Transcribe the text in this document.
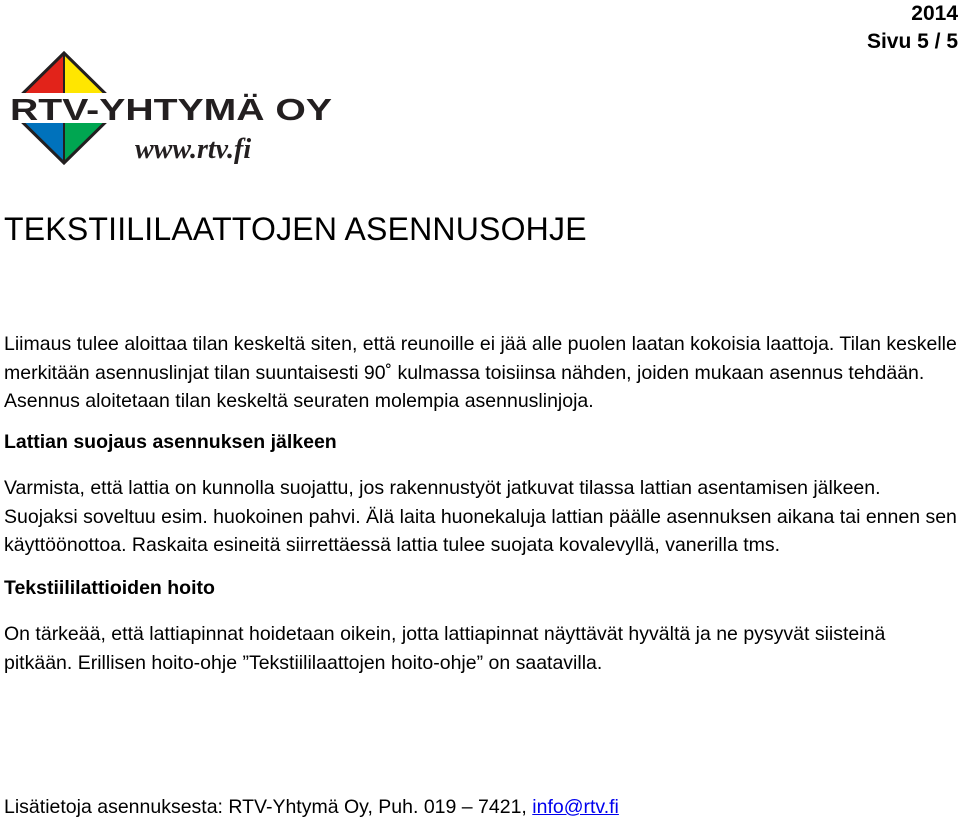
2014
Sivu 5 / 5
RTV-YHTYMÄ OY
www.rtv.fi
TEKSTIILILAATTOJEN ASENNUSOHJE

Liimaus tulee aloittaa tilan keskeltä siten, että reunoille ei jää alle puolen laatan kokoisia laattoja. Tilan keskelle merkitään asennuslinjat tilan suuntaisesti 90˚ kulmassa toisiinsa nähden, joiden mukaan asennus tehdään. Asennus aloitetaan tilan keskeltä seuraten molempia asennuslinjoja.

Lattian suojaus asennuksen jälkeen

Varmista, että lattia on kunnolla suojattu, jos rakennustyöt jatkuvat tilassa lattian asentamisen jälkeen. Suojaksi soveltuu esim. huokoinen pahvi. Älä laita huonekaluja lattian päälle asennuksen aikana tai ennen sen käyttöönottoa. Raskaita esineitä siirrettäessä lattia tulee suojata kovalevyllä, vanerilla tms.

Tekstiililattioiden hoito

On tärkeää, että lattiapinnat hoidetaan oikein, jotta lattiapinnat näyttävät hyvältä ja ne pysyvät siisteinä pitkään. Erillisen hoito-ohje ”Tekstiililaattojen hoito-ohje” on saatavilla.

Lisätietoja asennuksesta: RTV-Yhtymä Oy, Puh. 019 – 7421, info@rtv.fi
